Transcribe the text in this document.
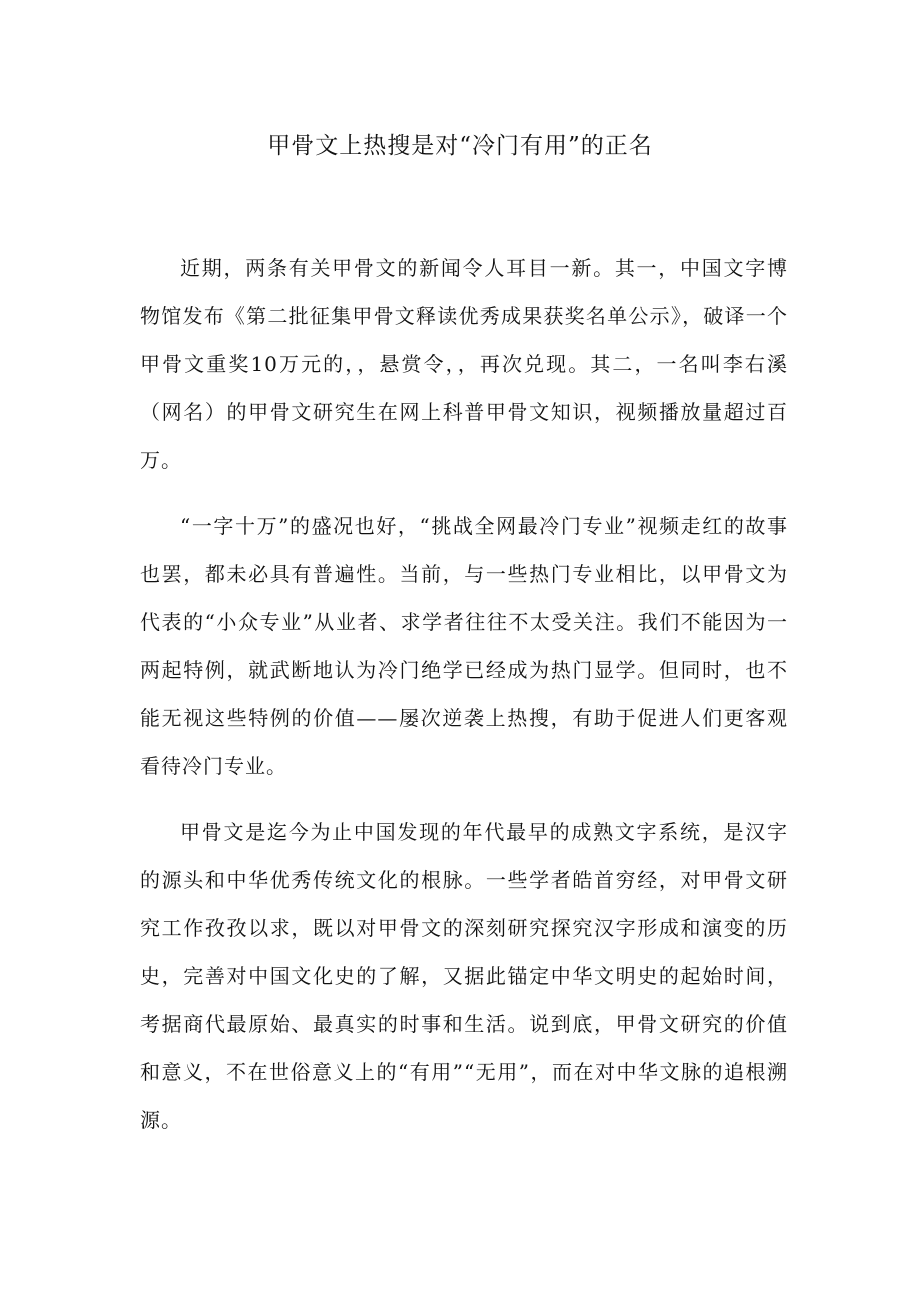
甲骨文上热搜是对“冷门有用”的正名

近期，两条有关甲骨文的新闻令人耳目一新。其一，中国文字博物馆发布《第二批征集甲骨文释读优秀成果获奖名单公示》，破译一个甲骨文重奖10万元的，，悬赏令，，再次兑现。其二，一名叫李右溪（网名）的甲骨文研究生在网上科普甲骨文知识，视频播放量超过百万。

“一字十万”的盛况也好，“挑战全网最冷门专业”视频走红的故事也罢，都未必具有普遍性。当前，与一些热门专业相比，以甲骨文为代表的“小众专业”从业者、求学者往往不太受关注。我们不能因为一两起特例，就武断地认为冷门绝学已经成为热门显学。但同时，也不能无视这些特例的价值——屡次逆袭上热搜，有助于促进人们更客观看待冷门专业。

甲骨文是迄今为止中国发现的年代最早的成熟文字系统，是汉字的源头和中华优秀传统文化的根脉。一些学者皓首穷经，对甲骨文研究工作孜孜以求，既以对甲骨文的深刻研究探究汉字形成和演变的历史，完善对中国文化史的了解，又据此锚定中华文明史的起始时间，考据商代最原始、最真实的时事和生活。说到底，甲骨文研究的价值和意义，不在世俗意义上的“有用”“无用”，而在对中华文脉的追根溯源。
